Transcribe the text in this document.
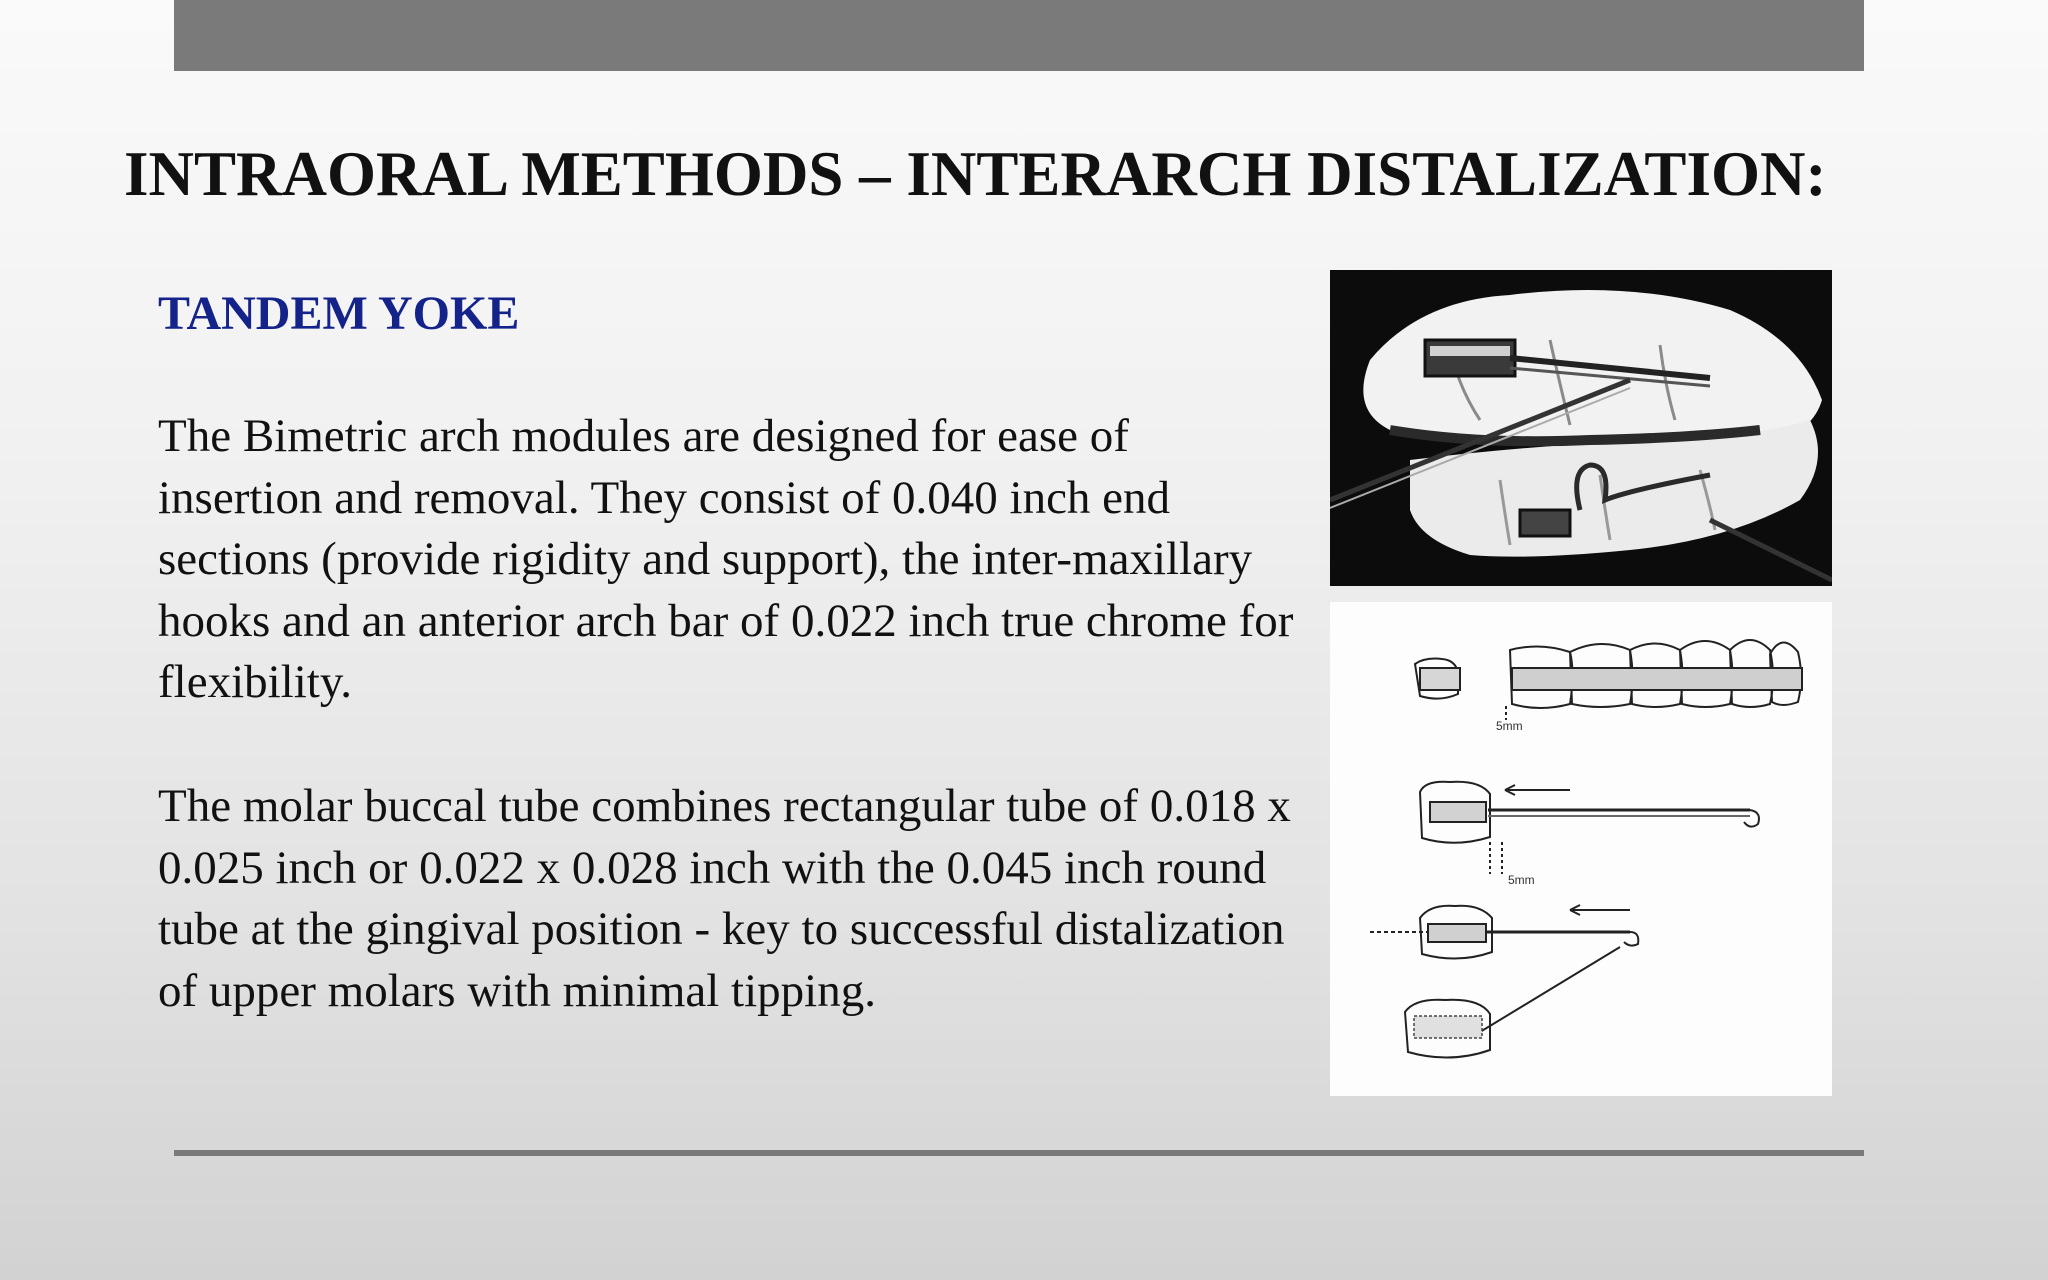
INTRAORAL METHODS – INTERARCH DISTALIZATION:
TANDEM YOKE

The Bimetric arch modules are designed for ease of insertion and removal. They consist of 0.040 inch end sections (provide rigidity and support), the inter-maxillary hooks and an anterior arch bar of 0.022 inch true chrome for flexibility.

The molar buccal tube combines rectangular tube of 0.018 x 0.025 inch or 0.022 x 0.028 inch with the 0.045 inch round tube at the gingival position - key to successful distalization of upper molars with minimal tipping.

5mm
5mm
